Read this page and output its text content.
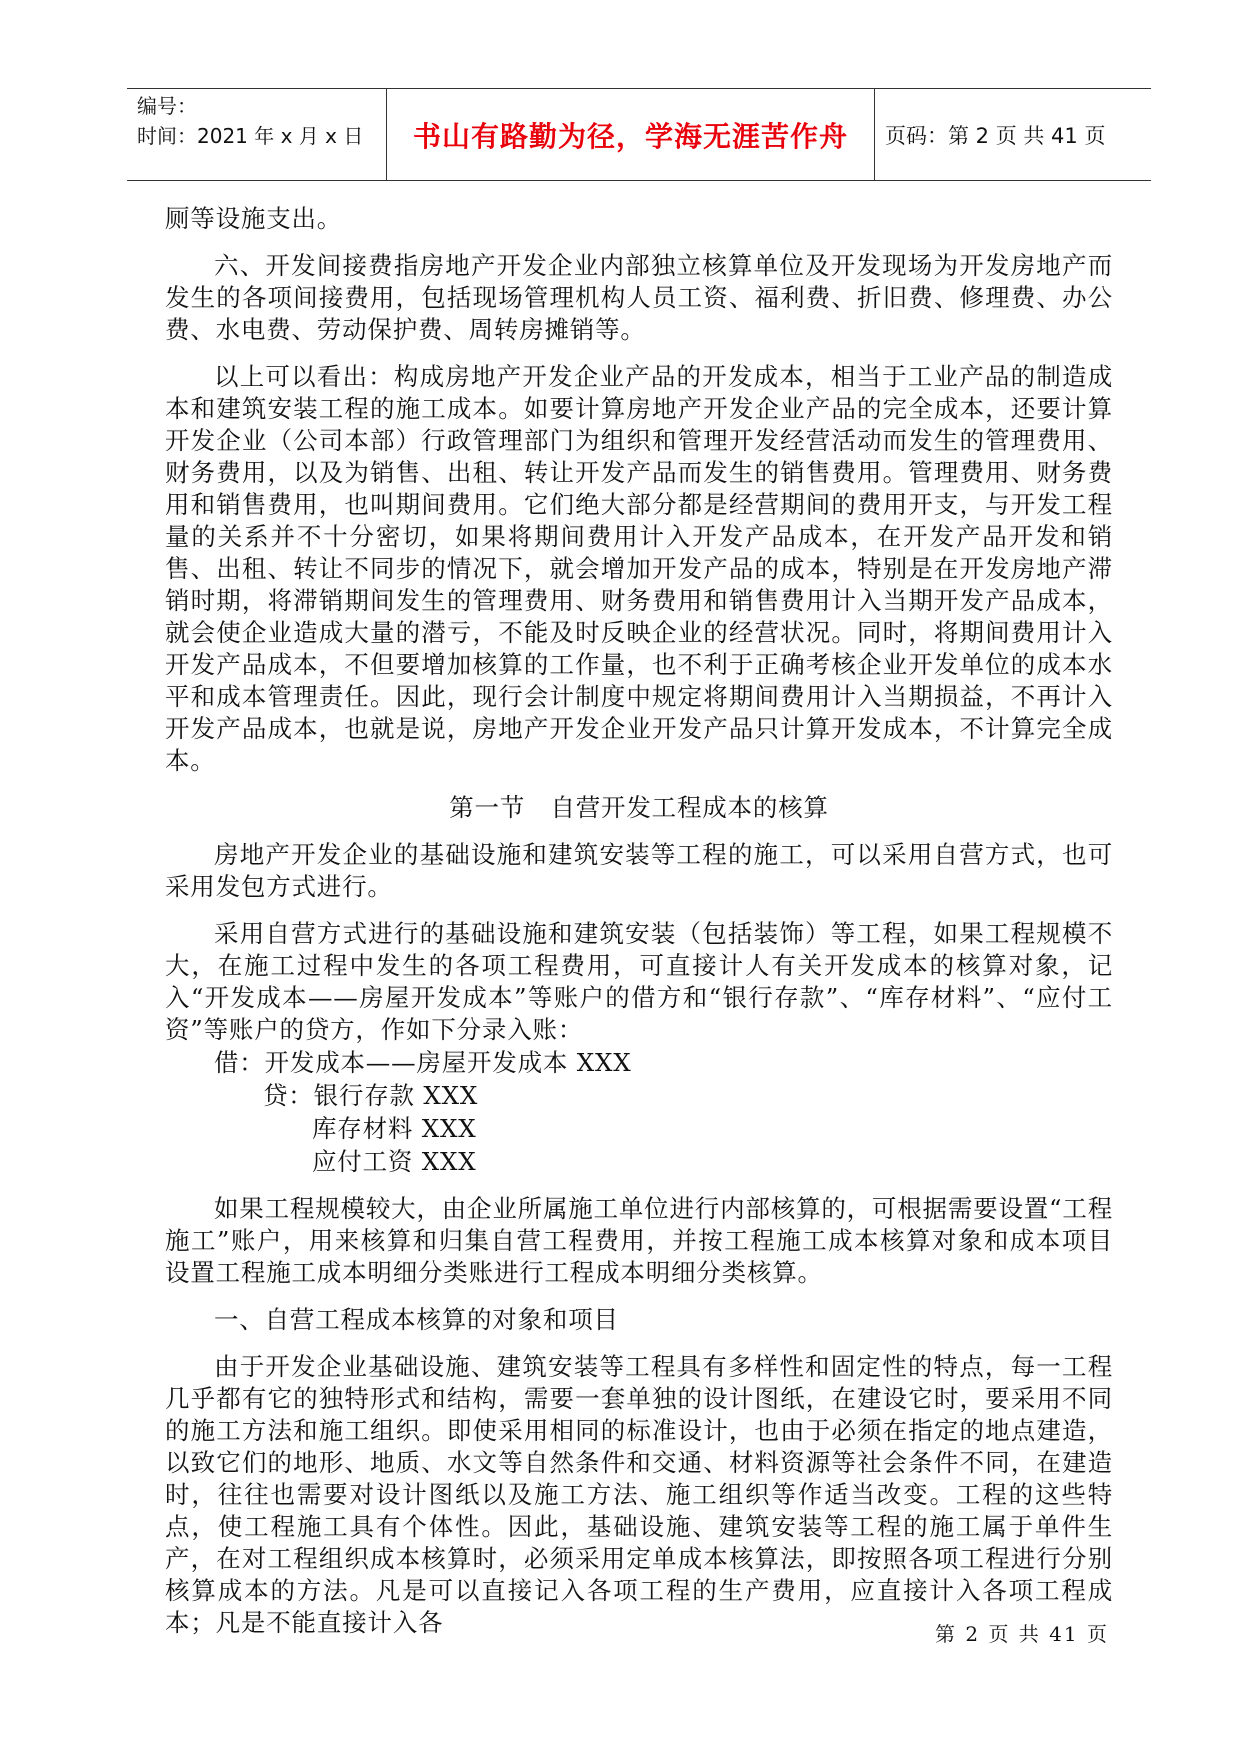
编号：
时间：2021 年 x 月 x 日	书山有路勤为径，学海无涯苦作舟 页码：第 2 页 共 41 页

厕等设施支出。

六、开发间接费指房地产开发企业内部独立核算单位及开发现场为开发房地产而发生的各项间接费用，包括现场管理机构人员工资、福利费、折旧费、修理费、办公费、水电费、劳动保护费、周转房摊销等。

以上可以看出：构成房地产开发企业产品的开发成本，相当于工业产品的制造成本和建筑安装工程的施工成本。如要计算房地产开发企业产品的完全成本，还要计算开发企业（公司本部）行政管理部门为组织和管理开发经营活动而发生的管理费用、财务费用，以及为销售、出租、转让开发产品而发生的销售费用。管理费用、财务费用和销售费用，也叫期间费用。它们绝大部分都是经营期间的费用开支，与开发工程量的关系并不十分密切，如果将期间费用计入开发产品成本，在开发产品开发和销售、出租、转让不同步的情况下，就会增加开发产品的成本，特别是在开发房地产滞销时期，将滞销期间发生的管理费用、财务费用和销售费用计入当期开发产品成本，就会使企业造成大量的潜亏，不能及时反映企业的经营状况。同时，将期间费用计入开发产品成本，不但要增加核算的工作量，也不利于正确考核企业开发单位的成本水平和成本管理责任。因此，现行会计制度中规定将期间费用计入当期损益，不再计入开发产品成本，也就是说，房地产开发企业开发产品只计算开发成本，不计算完全成本。

第一节　自营开发工程成本的核算

房地产开发企业的基础设施和建筑安装等工程的施工，可以采用自营方式，也可采用发包方式进行。

采用自营方式进行的基础设施和建筑安装（包括装饰）等工程，如果工程规模不大，在施工过程中发生的各项工程费用，可直接计人有关开发成本的核算对象，记入“开发成本——房屋开发成本”等账户的借方和“银行存款”、“库存材料”、“应付工资”等账户的贷方，作如下分录入账：

借：开发成本——房屋开发成本 XXX
贷：银行存款 XXX
库存材料 XXX
应付工资 XXX

如果工程规模较大，由企业所属施工单位进行内部核算的，可根据需要设置“工程施工”账户，用来核算和归集自营工程费用，并按工程施工成本核算对象和成本项目设置工程施工成本明细分类账进行工程成本明细分类核算。

一、自营工程成本核算的对象和项目

由于开发企业基础设施、建筑安装等工程具有多样性和固定性的特点，每一工程几乎都有它的独特形式和结构，需要一套单独的设计图纸，在建设它时，要采用不同的施工方法和施工组织。即使采用相同的标准设计，也由于必须在指定的地点建造，以致它们的地形、地质、水文等自然条件和交通、材料资源等社会条件不同，在建造时，往往也需要对设计图纸以及施工方法、施工组织等作适当改变。工程的这些特点，使工程施工具有个体性。因此，基础设施、建筑安装等工程的施工属于单件生产，在对工程组织成本核算时，必须采用定单成本核算法，即按照各项工程进行分别核算成本的方法。凡是可以直接记入各项工程的生产费用，应直接计入各项工程成本；凡是不能直接计入各	第 2 页 共 41 页
